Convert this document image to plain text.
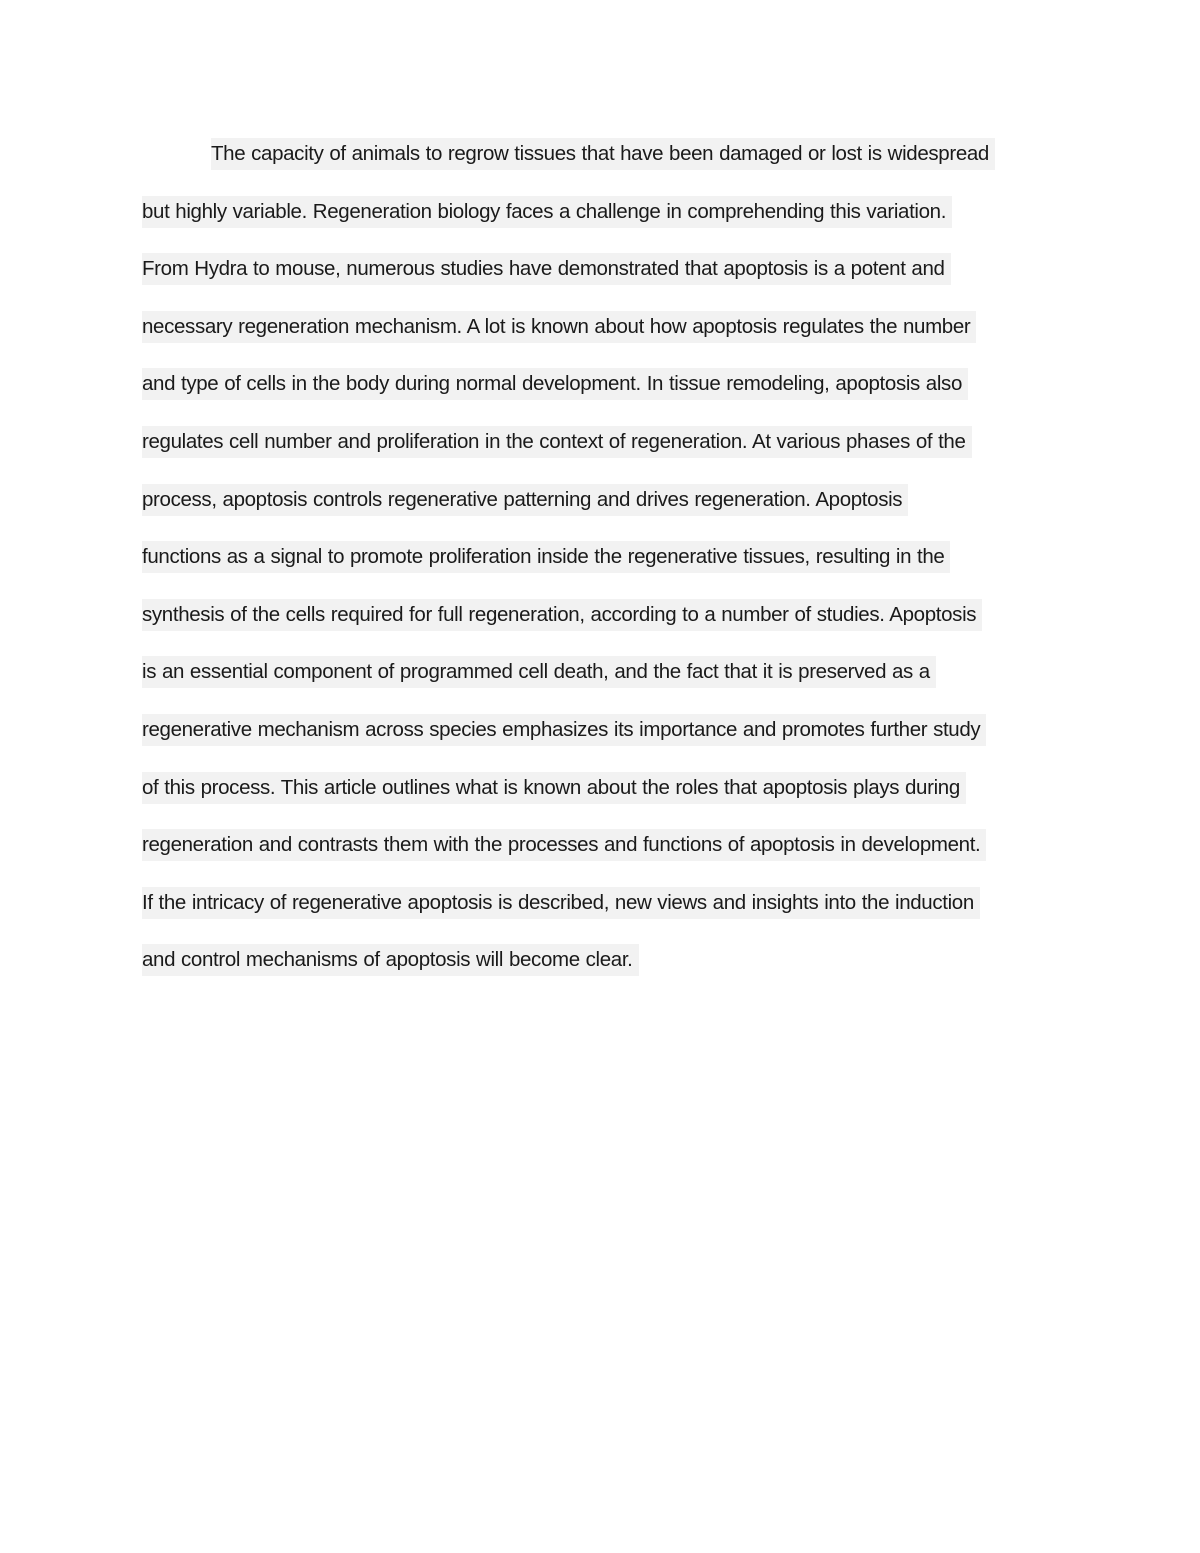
The capacity of animals to regrow tissues that have been damaged or lost is widespread
but highly variable. Regeneration biology faces a challenge in comprehending this variation.
From Hydra to mouse, numerous studies have demonstrated that apoptosis is a potent and
necessary regeneration mechanism. A lot is known about how apoptosis regulates the number
and type of cells in the body during normal development. In tissue remodeling, apoptosis also
regulates cell number and proliferation in the context of regeneration. At various phases of the
process, apoptosis controls regenerative patterning and drives regeneration. Apoptosis
functions as a signal to promote proliferation inside the regenerative tissues, resulting in the
synthesis of the cells required for full regeneration, according to a number of studies. Apoptosis
is an essential component of programmed cell death, and the fact that it is preserved as a
regenerative mechanism across species emphasizes its importance and promotes further study
of this process. This article outlines what is known about the roles that apoptosis plays during
regeneration and contrasts them with the processes and functions of apoptosis in development.
If the intricacy of regenerative apoptosis is described, new views and insights into the induction
and control mechanisms of apoptosis will become clear.
